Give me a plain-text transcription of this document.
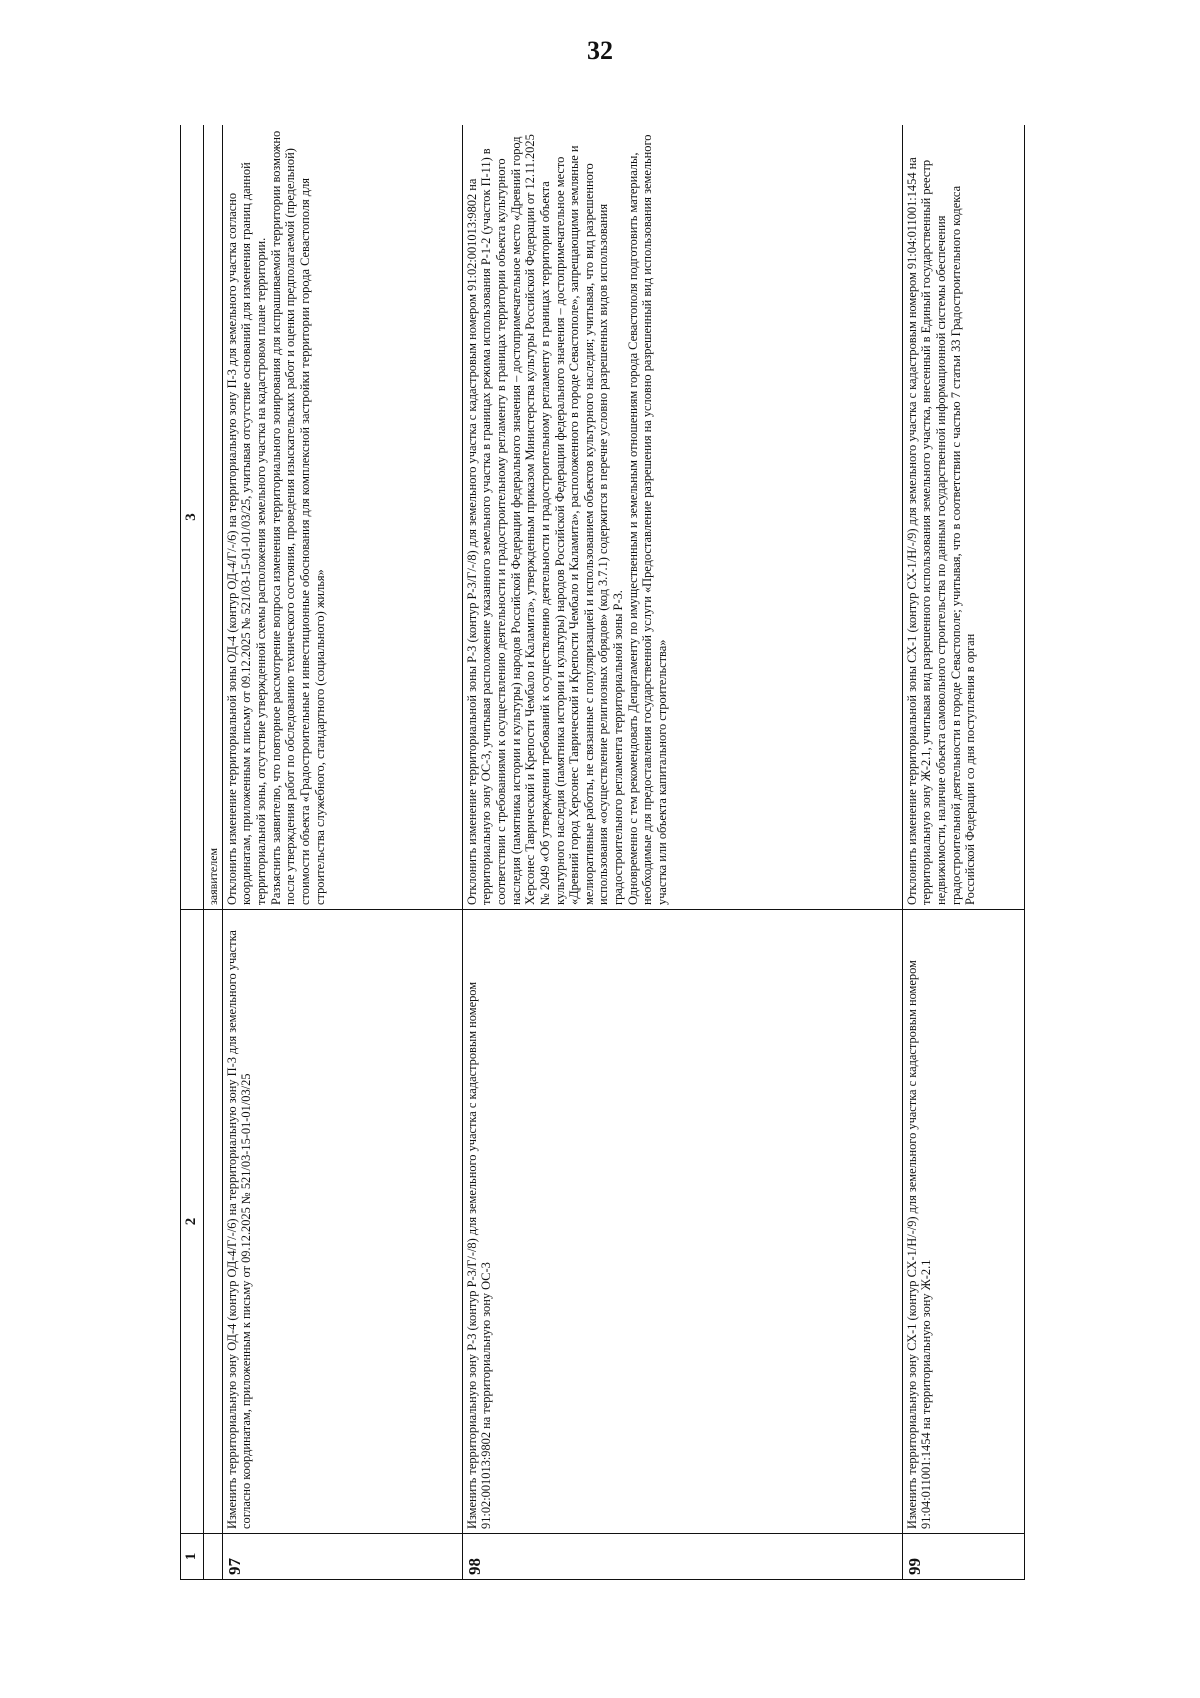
32
1	2	3
		заявителем
97	Изменить территориальную зону ОД-4 (контур ОД-4/Г/-/6) на территориальную зону П-3 для земельного участка согласно координатам, приложенным к письму от 09.12.2025 № 521/03-15-01-01/03/25	Отклонить изменение территориальной зоны ОД-4 (контур ОД-4/Г/-/6) на территориальную зону П-3 для земельного участка согласно координатам, приложенным к письму от 09.12.2025 № 521/03-15-01-01/03/25, учитывая отсутствие оснований для изменения границ данной территориальной зоны, отсутствие утвержденной схемы расположения земельного участка на кадастровом плане территории. Разъяснить заявителю, что повторное рассмотрение вопроса изменения территориального зонирования для испрашиваемой территории возможно после утверждения работ по обследованию технического состояния, проведения изыскательских работ и оценки предполагаемой (предельной) стоимости объекта «Градостроительные и инвестиционные обоснования для комплексной застройки территории города Севастополя для строительства служебного, стандартного (социального) жилья»

98	Изменить территориальную зону Р-3 (контур Р-3/Г/-/8) для земельного участка с кадастровым номером 91:02:001013:9802 на территориальную зону ОС-3	Отклонить изменение территориальной зоны Р-3 (контур Р-3/Г/-/8) для земельного участка с кадастровым номером 91:02:001013:9802 на территориальную зону ОС-3, учитывая расположение указанного земельного участка в границах режима использования Р-1-2 (участок П-11) в соответствии с требованиями к осуществлению деятельности и градостроительному регламенту в границах территории объекта культурного наследия (памятника истории и культуры) народов Российской Федерации федерального значения – достопримечательное место «Древний город Херсонес Таврический и Крепости Чембало и Каламита», утвержденным приказом Министерства культуры Российской Федерации от 12.11.2025 № 2049 «Об утверждении требований к осуществлению деятельности и градостроительному регламенту в границах территории объекта культурного наследия (памятника истории и культуры) народов Российской Федерации федерального значения – достопримечательное место «Древний город Херсонес Таврический и Крепости Чембало и Каламита», расположенного в городе Севастополе», запрещающими земляные и мелиоративные работы, не связанные с популяризацией и использованием объектов культурного наследия; учитывая, что вид разрешенного использования «осуществление религиозных обрядов» (код 3.7.1) содержится в перечне условно разрешенных видов использования градостроительного регламента территориальной зоны Р-3. Одновременно с тем рекомендовать Департаменту по имущественным и земельным отношениям города Севастополя подготовить материалы, необходимые для предоставления государственной услуги «Предоставление разрешения на условно разрешенный вид использования земельного участка или объекта капитального строительства»

99	Изменить территориальную зону СХ-1 (контур СХ-1/Н/-/9) для земельного участка с кадастровым номером 91:04:011001:1454 на территориальную зону Ж-2.1	Отклонить изменение территориальной зоны СХ-1 (контур СХ-1/Н/-/9) для земельного участка с кадастровым номером 91:04:011001:1454 на территориальную зону Ж-2.1, учитывая вид разрешенного использования земельного участка, внесенный в Единый государственный реестр недвижимости, наличие объекта самовольного строительства по данным государственной информационной системы обеспечения градостроительной деятельности в городе Севастополе; учитывая, что в соответствии с частью 7 статьи 33 Градостроительного кодекса Российской Федерации со дня поступления в орган
